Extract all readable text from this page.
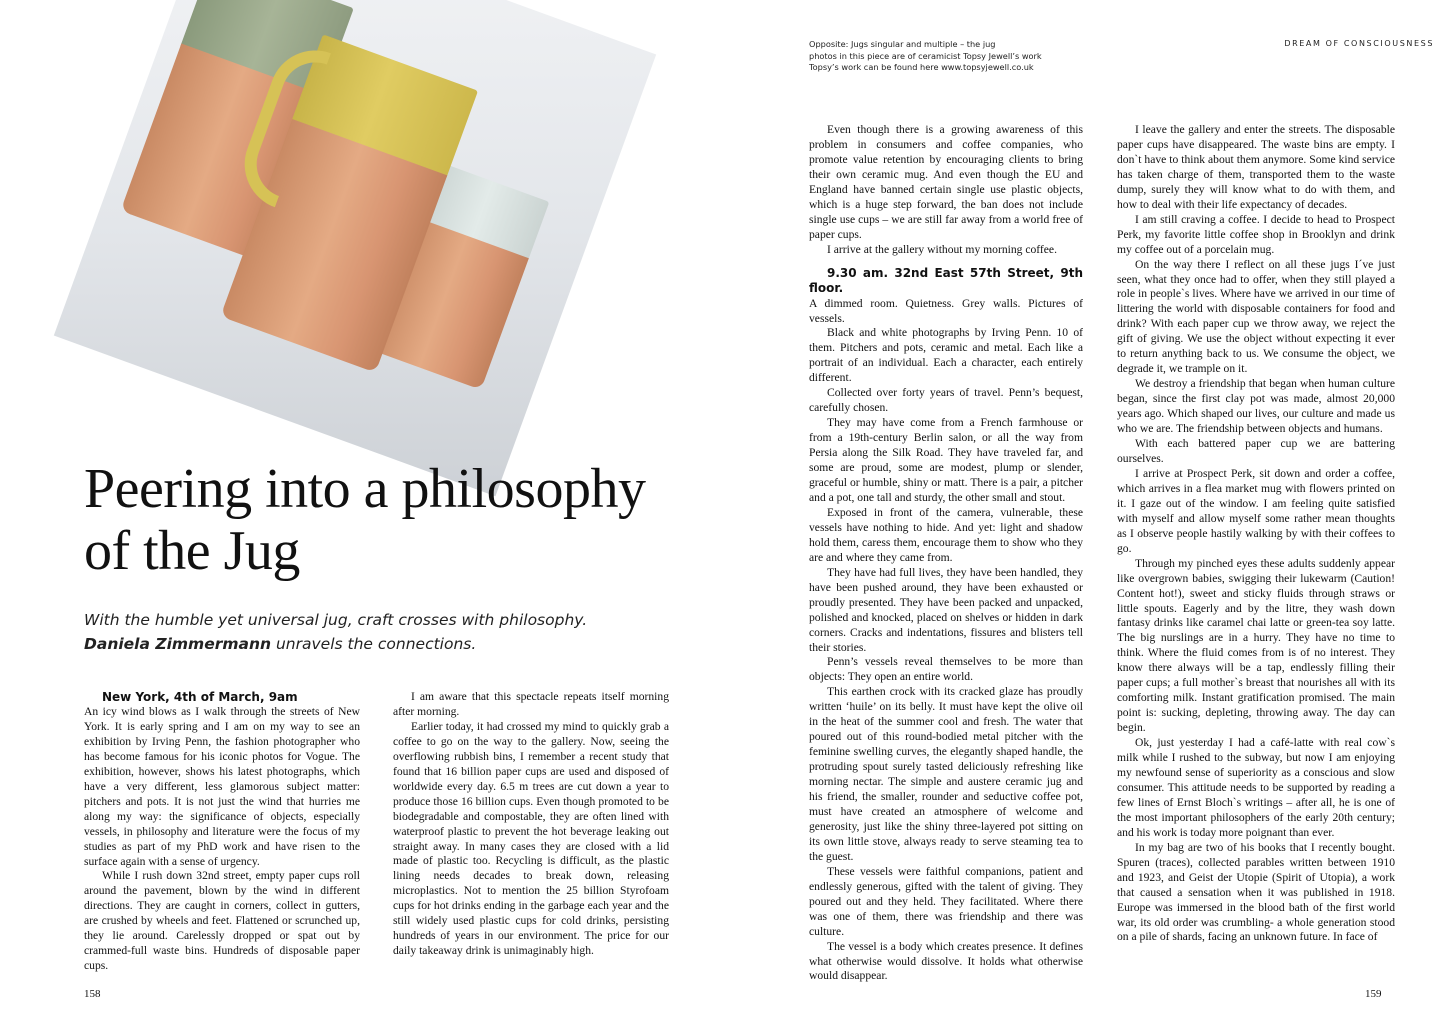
Peering into a philosophy of the Jug
With the humble yet universal jug, craft crosses with philosophy.
Daniela Zimmermann unravels the connections.

New York, 4th of March, 9am

An icy wind blows as I walk through the streets of New York. It is early spring and I am on my way to see an exhibition by Irving Penn, the fashion photographer who has become famous for his iconic photos for Vogue. The exhibition, however, shows his latest photographs, which have a very different, less glamorous subject matter: pitchers and pots. It is not just the wind that hurries me along my way: the significance of objects, especially vessels, in philosophy and literature were the focus of my studies as part of my PhD work and have risen to the surface again with a sense of urgency.

While I rush down 32nd street, empty paper cups roll around the pavement, blown by the wind in different directions. They are caught in corners, collect in gutters, are crushed by wheels and feet. Flattened or scrunched up, they lie around. Carelessly dropped or spat out by crammed-full waste bins. Hundreds of disposable paper cups.

I am aware that this spectacle repeats itself morning after morning.

Earlier today, it had crossed my mind to quickly grab a coffee to go on the way to the gallery. Now, seeing the overflowing rubbish bins, I remember a recent study that found that 16 billion paper cups are used and disposed of worldwide every day. 6.5 m trees are cut down a year to produce those 16 billion cups. Even though promoted to be biodegradable and compostable, they are often lined with waterproof plastic to prevent the hot beverage leaking out straight away. In many cases they are closed with a lid made of plastic too. Recycling is difficult, as the plastic lining needs decades to break down, releasing microplastics. Not to mention the 25 billion Styrofoam cups for hot drinks ending in the garbage each year and the still widely used plastic cups for cold drinks, persisting hundreds of years in our environment. The price for our daily takeaway drink is unimaginably high.

158
Opposite: Jugs singular and multiple – the jug
photos in this piece are of ceramicist Topsy Jewell’s work
Topsy’s work can be found here www.topsyjewell.co.uk
DREAM OF CONSCIOUSNESS

Even though there is a growing awareness of this problem in consumers and coffee companies, who promote value retention by encouraging clients to bring their own ceramic mug. And even though the EU and England have banned certain single use plastic objects, which is a huge step forward, the ban does not include single use cups – we are still far away from a world free of paper cups.

I arrive at the gallery without my morning coffee.

9.30 am. 32nd East 57th Street, 9th floor.

A dimmed room. Quietness. Grey walls. Pictures of vessels.

Black and white photographs by Irving Penn. 10 of them. Pitchers and pots, ceramic and metal. Each like a portrait of an individual. Each a character, each entirely different.

Collected over forty years of travel. Penn’s bequest, carefully chosen.

They may have come from a French farmhouse or from a 19th-century Berlin salon, or all the way from Persia along the Silk Road. They have traveled far, and some are proud, some are modest, plump or slender, graceful or humble, shiny or matt. There is a pair, a pitcher and a pot, one tall and sturdy, the other small and stout.

Exposed in front of the camera, vulnerable, these vessels have nothing to hide. And yet: light and shadow hold them, caress them, encourage them to show who they are and where they came from.

They have had full lives, they have been handled, they have been pushed around, they have been exhausted or proudly presented. They have been packed and unpacked, polished and knocked, placed on shelves or hidden in dark corners. Cracks and indentations, fissures and blisters tell their stories.

Penn’s vessels reveal themselves to be more than objects: They open an entire world.

This earthen crock with its cracked glaze has proudly written ‘huile’ on its belly. It must have kept the olive oil in the heat of the summer cool and fresh. The water that poured out of this round-bodied metal pitcher with the feminine swelling curves, the elegantly shaped handle, the protruding spout surely tasted deliciously refreshing like morning nectar. The simple and austere ceramic jug and his friend, the smaller, rounder and seductive coffee pot, must have created an atmosphere of welcome and generosity, just like the shiny three-layered pot sitting on its own little stove, always ready to serve steaming tea to the guest.

These vessels were faithful companions, patient and endlessly generous, gifted with the talent of giving. They poured out and they held. They facilitated. Where there was one of them, there was friendship and there was culture.

The vessel is a body which creates presence. It defines what otherwise would dissolve. It holds what otherwise would disappear.

I leave the gallery and enter the streets. The disposable paper cups have disappeared. The waste bins are empty. I don`t have to think about them anymore. Some kind service has taken charge of them, transported them to the waste dump, surely they will know what to do with them, and how to deal with their life expectancy of decades.

I am still craving a coffee. I decide to head to Prospect Perk, my favorite little coffee shop in Brooklyn and drink my coffee out of a porcelain mug.

On the way there I reflect on all these jugs I´ve just seen, what they once had to offer, when they still played a role in people`s lives. Where have we arrived in our time of littering the world with disposable containers for food and drink? With each paper cup we throw away, we reject the gift of giving. We use the object without expecting it ever to return anything back to us. We consume the object, we degrade it, we trample on it.

We destroy a friendship that began when human culture began, since the first clay pot was made, almost 20,000 years ago. Which shaped our lives, our culture and made us who we are. The friendship between objects and humans.

With each battered paper cup we are battering ourselves.

I arrive at Prospect Perk, sit down and order a coffee, which arrives in a flea market mug with flowers printed on it. I gaze out of the window. I am feeling quite satisfied with myself and allow myself some rather mean thoughts as I observe people hastily walking by with their coffees to go.

Through my pinched eyes these adults suddenly appear like overgrown babies, swigging their lukewarm (Caution! Content hot!), sweet and sticky fluids through straws or little spouts. Eagerly and by the litre, they wash down fantasy drinks like caramel chai latte or green-tea soy latte. The big nurslings are in a hurry. They have no time to think. Where the fluid comes from is of no interest. They know there always will be a tap, endlessly filling their paper cups; a full mother`s breast that nourishes all with its comforting milk. Instant gratification promised. The main point is: sucking, depleting, throwing away. The day can begin.

Ok, just yesterday I had a café-latte with real cow`s milk while I rushed to the subway, but now I am enjoying my newfound sense of superiority as a conscious and slow consumer. This attitude needs to be supported by reading a few lines of Ernst Bloch`s writings – after all, he is one of the most important philosophers of the early 20th century; and his work is today more poignant than ever.

In my bag are two of his books that I recently bought. Spuren (traces), collected parables written between 1910 and 1923, and Geist der Utopie (Spirit of Utopia), a work that caused a sensation when it was published in 1918. Europe was immersed in the blood bath of the first world war, its old order was crumbling- a whole generation stood on a pile of shards, facing an unknown future. In face of

159
